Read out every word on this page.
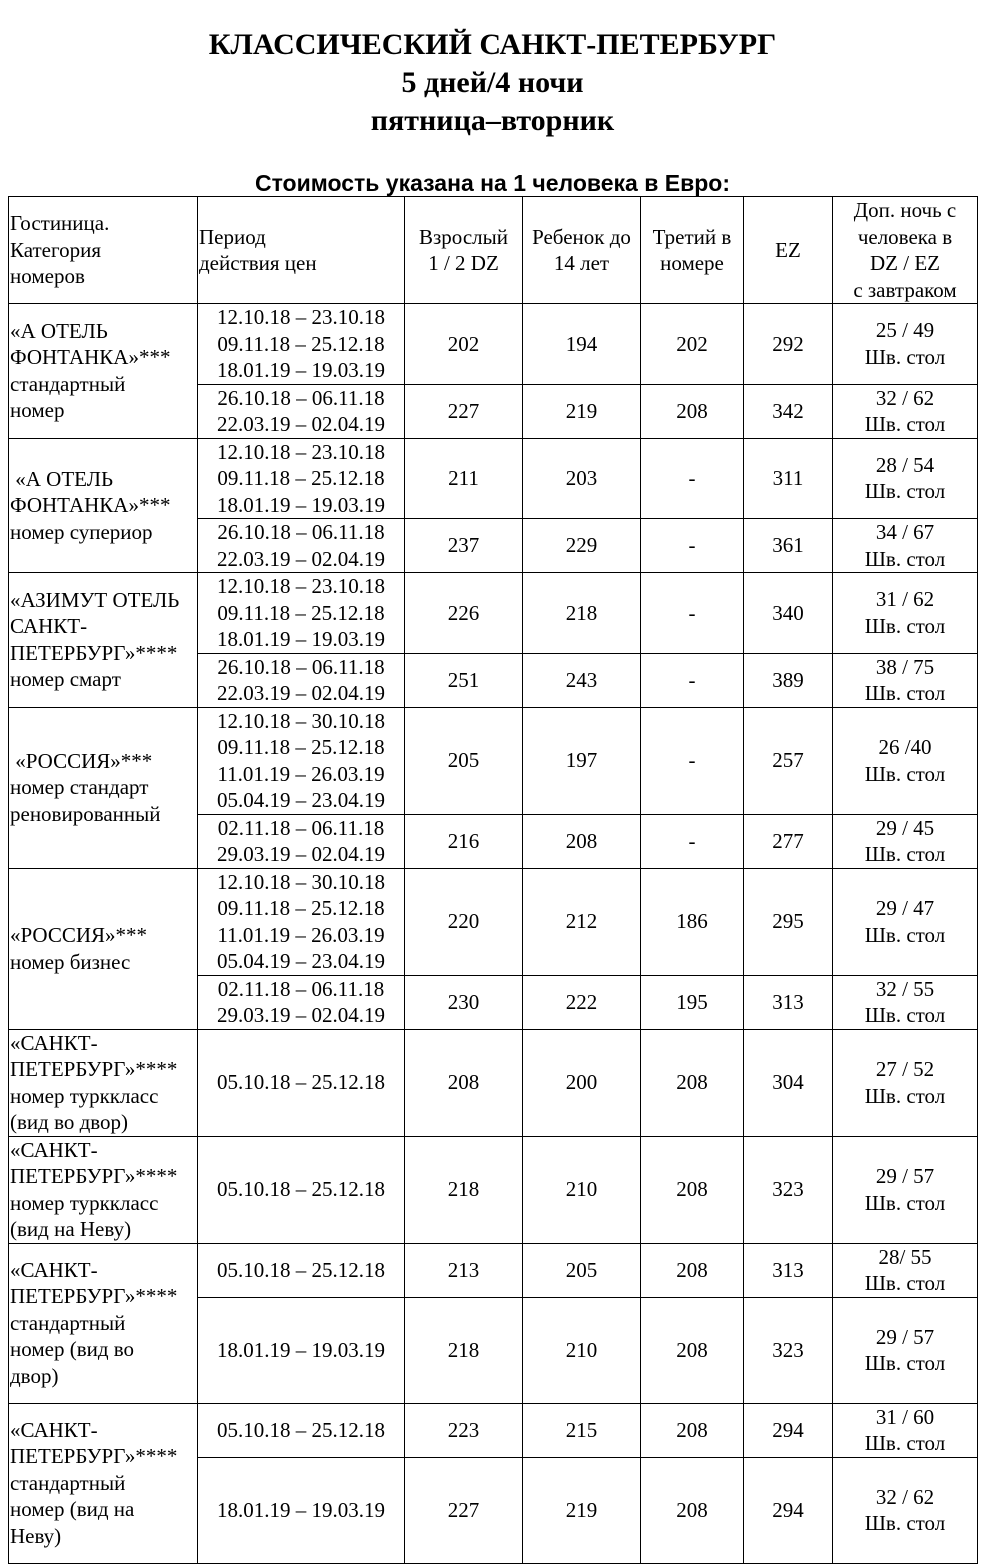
КЛАССИЧЕСКИЙ САНКТ-ПЕТЕРБУРГ
5 дней/4 ночи
пятница–вторник
Стоимость указана на 1 человека в Евро:
Гостиница.
Категория
номеров	Период
действия цен	Взрослый
1 / 2 DZ	Ребенок до
14 лет	Третий в
номере	EZ	Доп. ночь с
человека в
DZ / EZ
с завтраком

«А ОТЕЛЬ
ФОНТАНКА»***
стандартный
номер	12.10.18 – 23.10.18
09.11.18 – 25.12.18
18.01.19 – 19.03.19	202	194	202	292	25 / 49
Шв. стол

	26.10.18 – 06.11.18
22.03.19 – 02.04.19	227	219	208	342	32 / 62
Шв. стол

«А ОТЕЛЬ
ФОНТАНКА»***
номер супериор	12.10.18 – 23.10.18
09.11.18 – 25.12.18
18.01.19 – 19.03.19	211	203	-	311	28 / 54
Шв. стол

	26.10.18 – 06.11.18
22.03.19 – 02.04.19	237	229	-	361	34 / 67
Шв. стол

«АЗИМУТ ОТЕЛЬ
САНКТ-
ПЕТЕРБУРГ»****
номер смарт	12.10.18 – 23.10.18
09.11.18 – 25.12.18
18.01.19 – 19.03.19	226	218	-	340	31 / 62
Шв. стол

	26.10.18 – 06.11.18
22.03.19 – 02.04.19	251	243	-	389	38 / 75
Шв. стол

«РОССИЯ»***
номер стандарт
реновированный	12.10.18 – 30.10.18
09.11.18 – 25.12.18
11.01.19 – 26.03.19
05.04.19 – 23.04.19	205	197	-	257	26 /40
Шв. стол

	02.11.18 – 06.11.18
29.03.19 – 02.04.19	216	208	-	277	29 / 45
Шв. стол

«РОССИЯ»***
номер бизнес	12.10.18 – 30.10.18
09.11.18 – 25.12.18
11.01.19 – 26.03.19
05.04.19 – 23.04.19	220	212	186	295	29 / 47
Шв. стол

	02.11.18 – 06.11.18
29.03.19 – 02.04.19	230	222	195	313	32 / 55
Шв. стол

«САНКТ-
ПЕТЕРБУРГ»****
номер турккласс
(вид во двор)	05.10.18 – 25.12.18	208	200	208	304	27 / 52
Шв. стол

«САНКТ-
ПЕТЕРБУРГ»****
номер турккласс
(вид на Неву)	05.10.18 – 25.12.18	218	210	208	323	29 / 57
Шв. стол

«САНКТ-
ПЕТЕРБУРГ»****
стандартный
номер (вид во
двор)	05.10.18 – 25.12.18	213	205	208	313	28/ 55
Шв. стол

	18.01.19 – 19.03.19	218	210	208	323	29 / 57
Шв. стол

«САНКТ-
ПЕТЕРБУРГ»****
стандартный
номер (вид на
Неву)	05.10.18 – 25.12.18	223	215	208	294	31 / 60
Шв. стол

	18.01.19 – 19.03.19	227	219	208	294	32 / 62
Шв. стол
